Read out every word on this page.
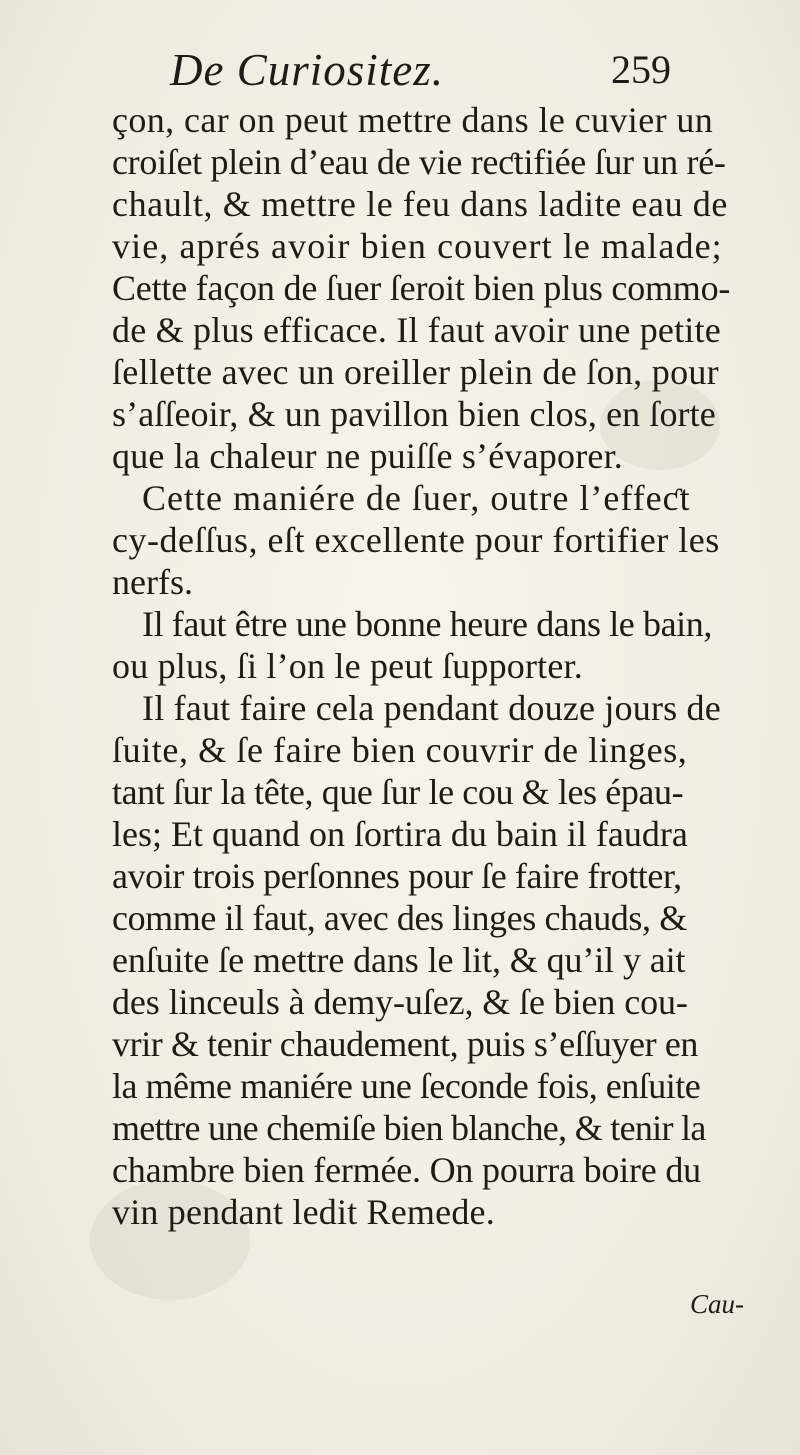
De Curiositez.	259
çon, car on peut mettre dans le cuvier un
croiſet plein d’eau de vie reƈtifiée ſur un ré-
chault, & mettre le feu dans ladite eau de
vie, aprés avoir bien couvert le malade;
Cette façon de ſuer ſeroit bien plus commo-
de & plus efficace. Il faut avoir une petite
ſellette avec un oreiller plein de ſon, pour
s’aſſeoir, & un pavillon bien clos, en ſorte
que la chaleur ne puiſſe s’évaporer.
Cette maniére de ſuer, outre l’effeƈt
cy-deſſus, eſt excellente pour fortifier les
nerfs.
Il faut être une bonne heure dans le bain,
ou plus, ſi l’on le peut ſupporter.
Il faut faire cela pendant douze jours de
ſuite, & ſe faire bien couvrir de linges,
tant ſur la tête, que ſur le cou & les épau-
les; Et quand on ſortira du bain il faudra
avoir trois perſonnes pour ſe faire frotter,
comme il faut, avec des linges chauds, &
enſuite ſe mettre dans le lit, & qu’il y ait
des linceuls à demy-uſez, & ſe bien cou-
vrir & tenir chaudement, puis s’eſſuyer en
la même maniére une ſeconde fois, enſuite
mettre une chemiſe bien blanche, & tenir la
chambre bien fermée. On pourra boire du
vin pendant ledit Remede.
Cau-
